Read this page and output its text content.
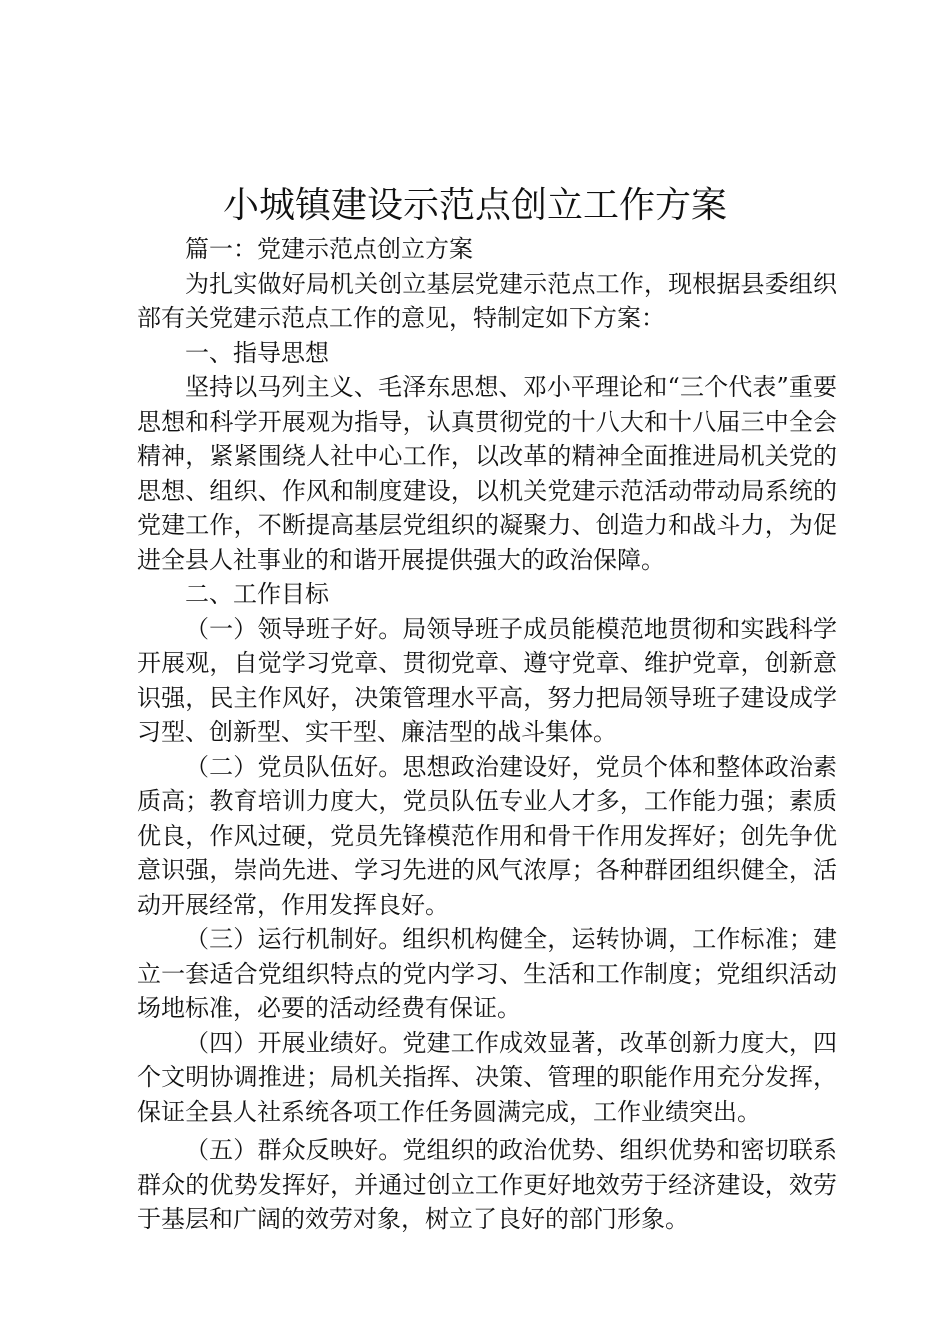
小城镇建设示范点创立工作方案

篇一：党建示范点创立方案

为扎实做好局机关创立基层党建示范点工作，现根据县委组织部有关党建示范点工作的意见，特制定如下方案：

一、指导思想

坚持以马列主义、毛泽东思想、邓小平理论和“三个代表”重要思想和科学开展观为指导，认真贯彻党的十八大和十八届三中全会精神，紧紧围绕人社中心工作，以改革的精神全面推进局机关党的思想、组织、作风和制度建设，以机关党建示范活动带动局系统的党建工作，不断提高基层党组织的凝聚力、创造力和战斗力，为促进全县人社事业的和谐开展提供强大的政治保障。

二、工作目标

（一）领导班子好。局领导班子成员能模范地贯彻和实践科学开展观，自觉学习党章、贯彻党章、遵守党章、维护党章，创新意识强，民主作风好，决策管理水平高，努力把局领导班子建设成学习型、创新型、实干型、廉洁型的战斗集体。

（二）党员队伍好。思想政治建设好，党员个体和整体政治素质高；教育培训力度大，党员队伍专业人才多，工作能力强；素质优良，作风过硬，党员先锋模范作用和骨干作用发挥好；创先争优意识强，崇尚先进、学习先进的风气浓厚；各种群团组织健全，活动开展经常，作用发挥良好。

（三）运行机制好。组织机构健全，运转协调，工作标准；建立一套适合党组织特点的党内学习、生活和工作制度；党组织活动场地标准，必要的活动经费有保证。

（四）开展业绩好。党建工作成效显著，改革创新力度大，四个文明协调推进；局机关指挥、决策、管理的职能作用充分发挥，保证全县人社系统各项工作任务圆满完成，工作业绩突出。

（五）群众反映好。党组织的政治优势、组织优势和密切联系群众的优势发挥好，并通过创立工作更好地效劳于经济建设，效劳于基层和广阔的效劳对象，树立了良好的部门形象。
